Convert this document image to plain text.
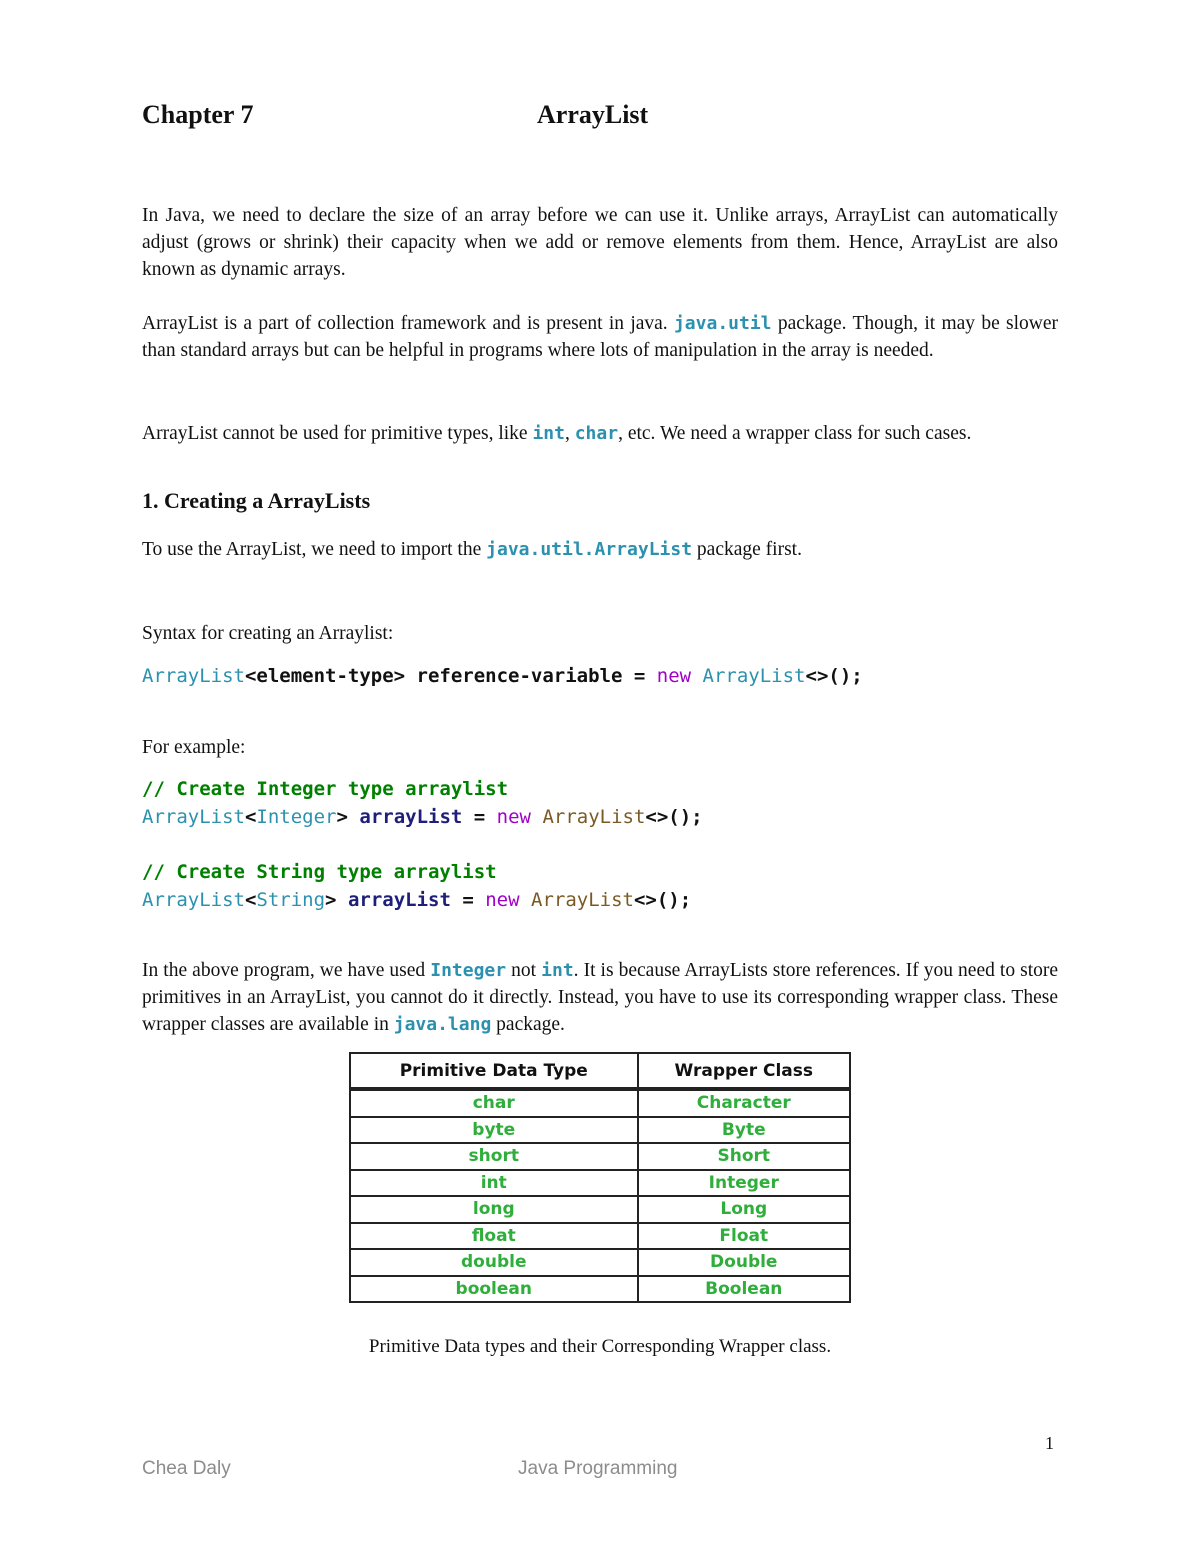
Chapter 7	ArrayList

In Java, we need to declare the size of an array before we can use it. Unlike arrays, ArrayList can automatically adjust (grows or shrink) their capacity when we add or remove elements from them. Hence, ArrayList are also known as dynamic arrays.

ArrayList is a part of collection framework and is present in java. java.util package. Though, it may be slower than standard arrays but can be helpful in programs where lots of manipulation in the array is needed.

ArrayList cannot be used for primitive types, like int, char, etc. We need a wrapper class for such cases.

1. Creating a ArrayLists

To use the ArrayList, we need to import the java.util.ArrayList package first.

Syntax for creating an Arraylist:

ArrayList<element-type> reference-variable = new ArrayList<>();

For example:

// Create Integer type arraylist
ArrayList<Integer> arrayList = new ArrayList<>();
// Create String type arraylist
ArrayList<String> arrayList = new ArrayList<>();

In the above program, we have used Integer not int. It is because ArrayLists store references. If you need to store primitives in an ArrayList, you cannot do it directly. Instead, you have to use its corresponding wrapper class. These wrapper classes are available in java.lang package.

Primitive Data Type	Wrapper Class
char	Character
byte	Byte
short	Short
int	Integer
long	Long
float	Float
double	Double
boolean	Boolean
Primitive Data types and their Corresponding Wrapper class.
1
Chea Daly	Java Programming
